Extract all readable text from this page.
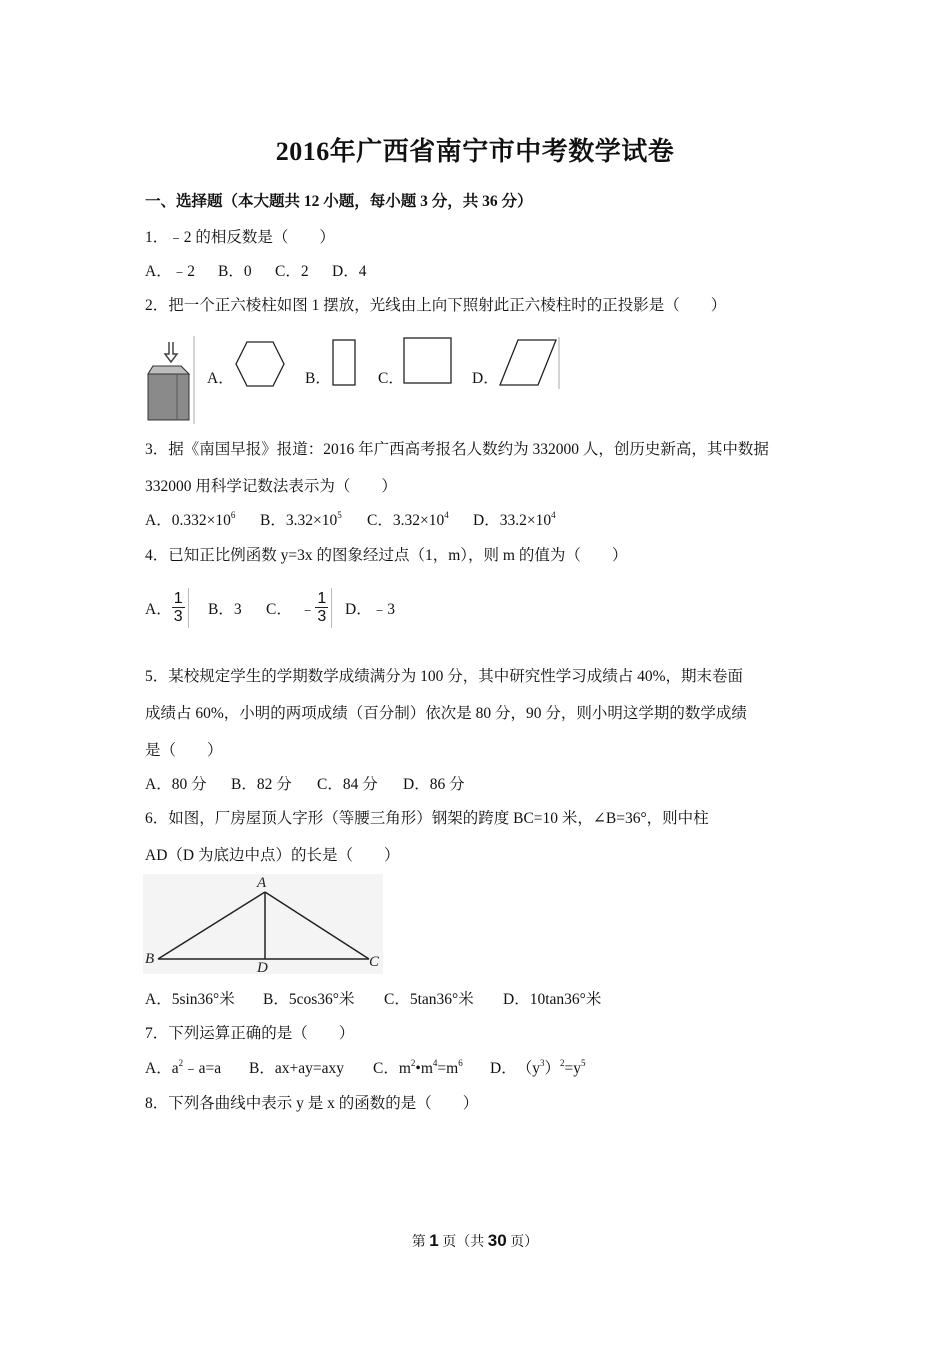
2016年广西省南宁市中考数学试卷
一、选择题（本大题共 12 小题，每小题 3 分，共 36 分）
1．﹣2 的相反数是（　　）
A．﹣2 B．0 C．2 D．4
2．把一个正六棱柱如图 1 摆放，光线由上向下照射此正六棱柱时的正投影是（　　）
A．	B．	C．	D．
3．据《南国早报》报道：2016 年广西高考报名人数约为 332000 人，创历史新高，其中数据
332000 用科学记数法表示为（　　）
A．$0.332\times 10^6$ B．$3.32\times 10^5$ C．$3.32\times 10^4$ D．$33.2\times 10^4$
4．已知正比例函数 y=3x 的图象经过点（1，m），则 m 的值为（　　）
A． $\frac{1}{3}$ B．3 C． ﹣ $\frac{1}{3}$ D．﹣3
5．某校规定学生的学期数学成绩满分为 100 分，其中研究性学习成绩占 40%，期末卷面
成绩占 60%，小明的两项成绩（百分制）依次是 80 分，90 分，则小明这学期的数学成绩
是（　　）
A．80 分 B．82 分 C．84 分 D．86 分
6．如图，厂房屋顶人字形（等腰三角形）钢架的跨度 BC=10 米，∠B=36°，则中柱
AD（D 为底边中点）的长是（　　）
A
B	C
D
A．5sin36°米 B．5cos36°米 C．5tan36°米 D．10tan36°米
7．下列运算正确的是（　　）
A．$a^2﹣a=a$ B．ax+ay=axy C．$m^2•m^4=m^6$ D．$(y^3)^2=y^5$
8．下列各曲线中表示 y 是 x 的函数的是（　　）
第 1 页（共 30 页）
